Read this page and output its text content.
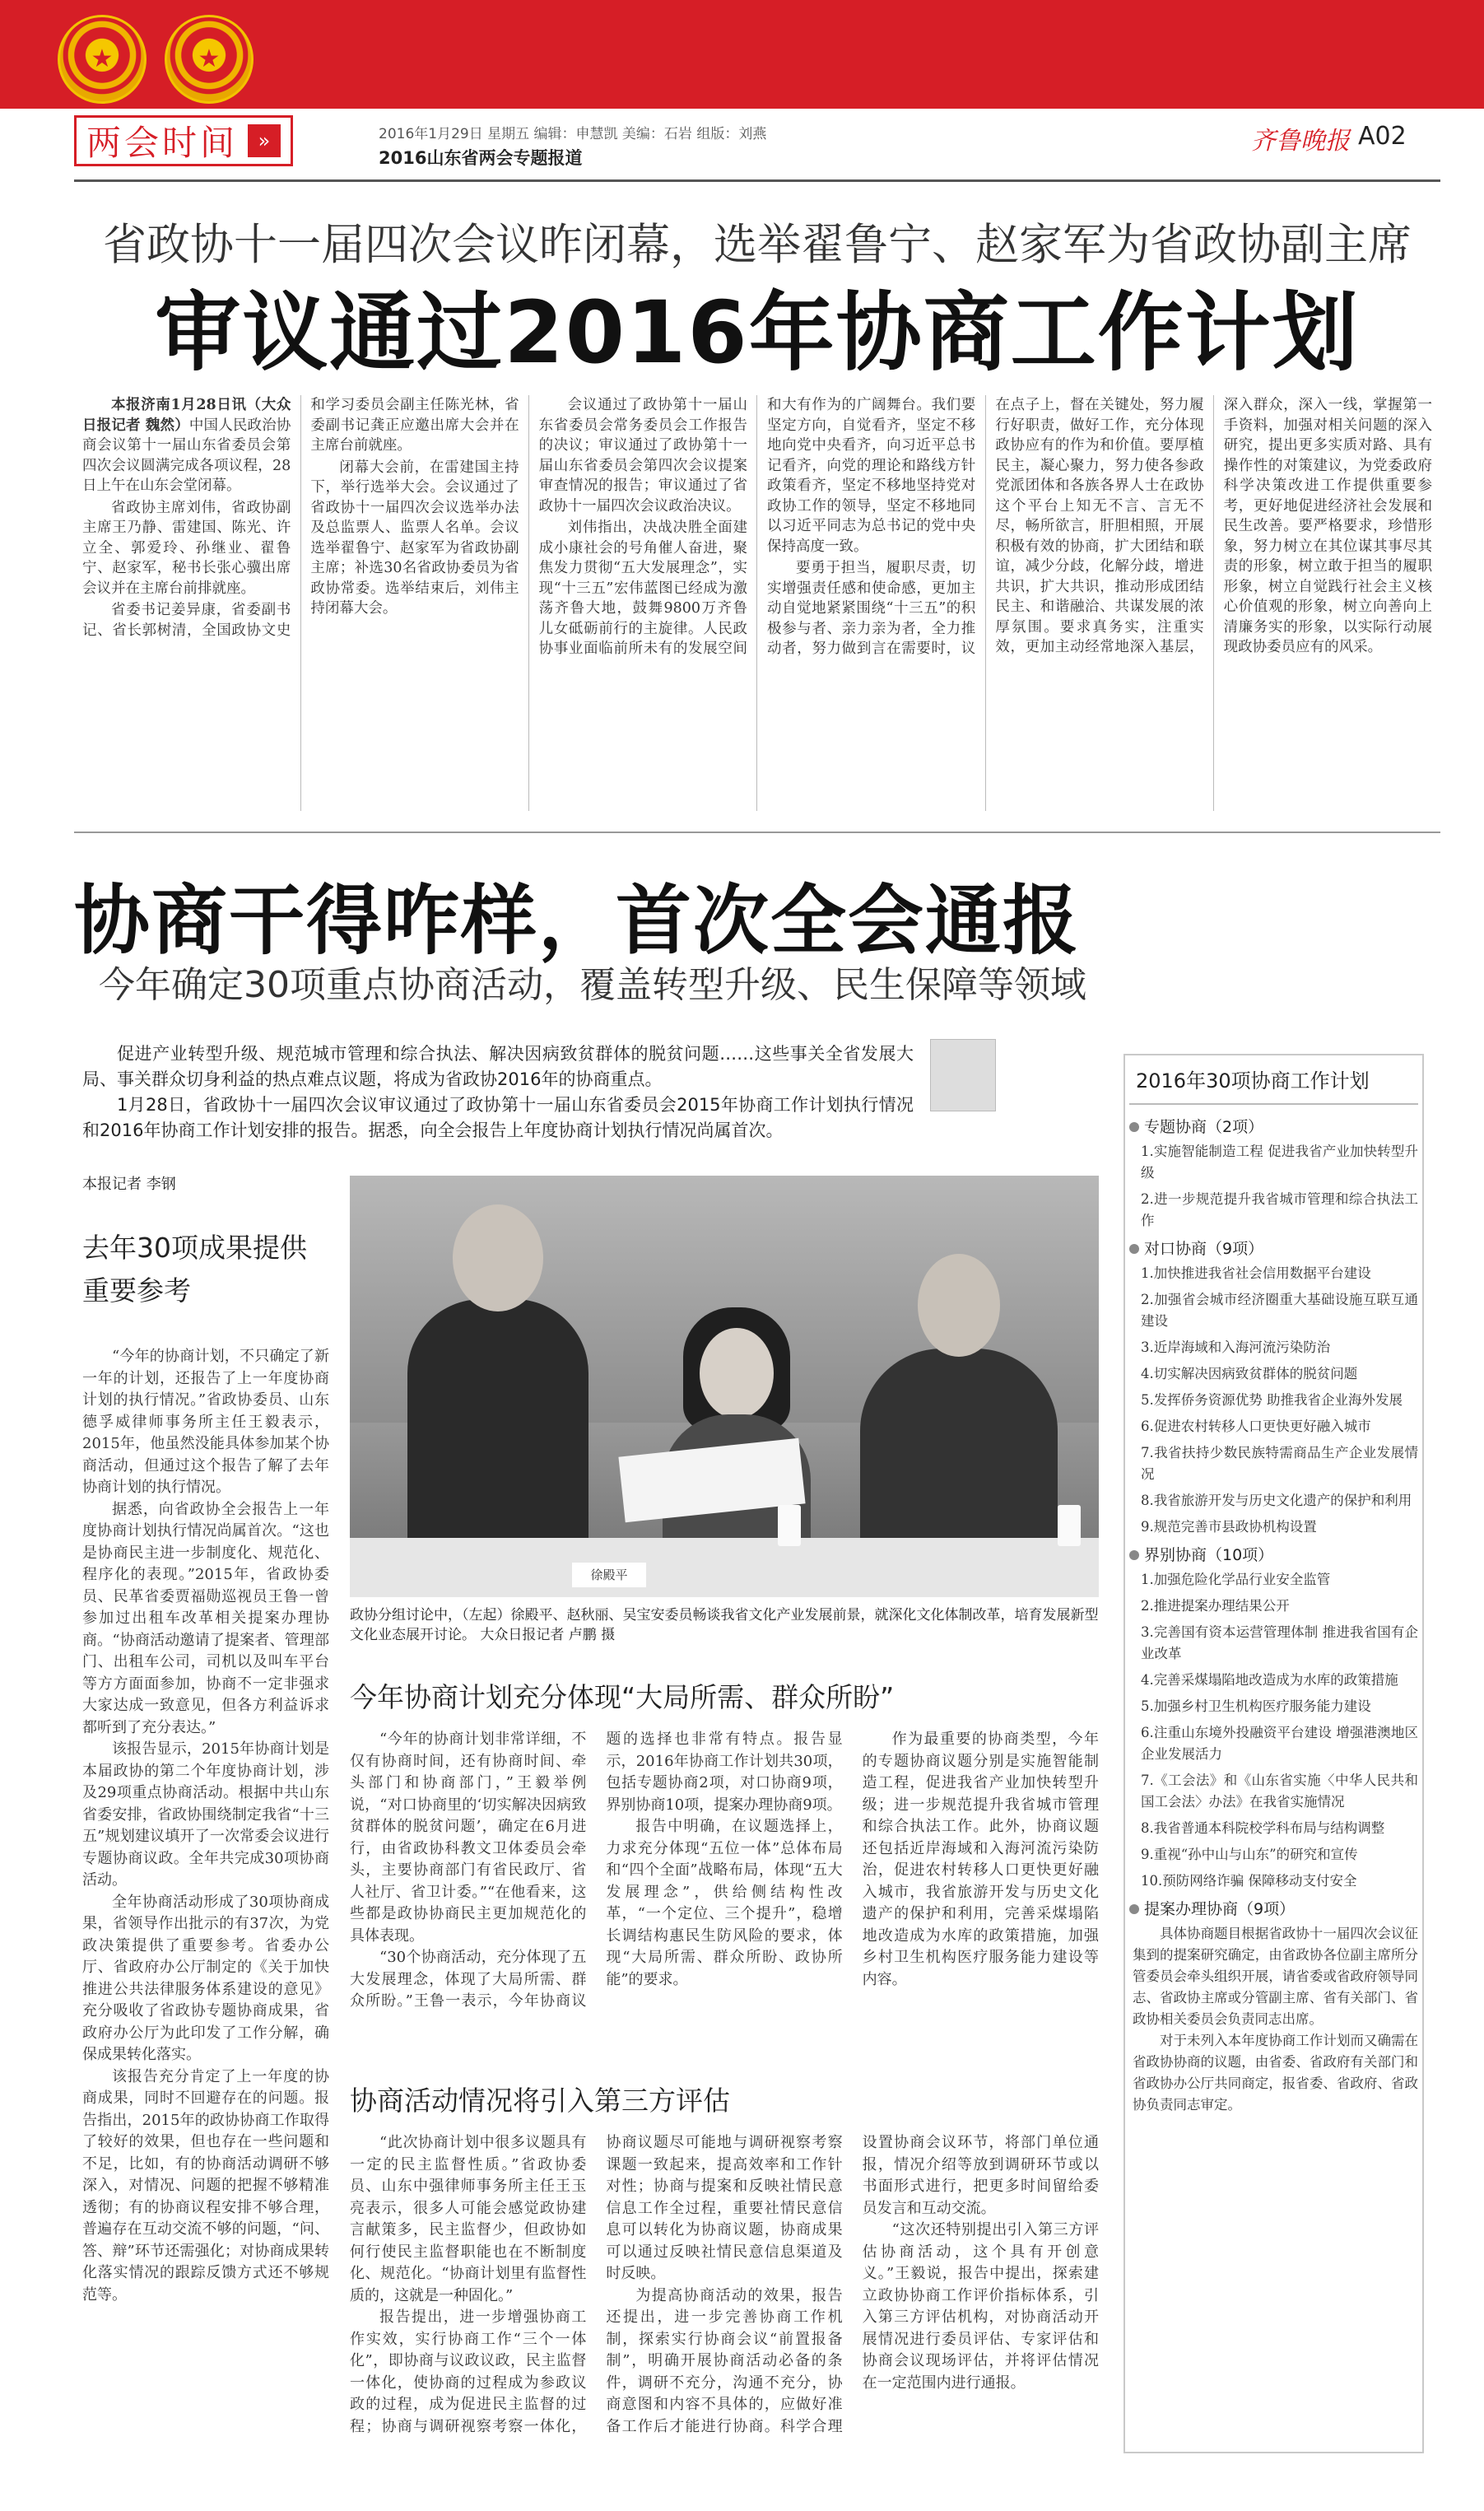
★	★
两会时间	»	2016年1月29日 星期五 编辑：申慧凯 美编：石岩 组版：刘燕
2016山东省两会专题报道
齐鲁晚报 A02
省政协十一届四次会议昨闭幕，选举翟鲁宁、赵家军为省政协副主席
审议通过2016年协商工作计划

本报济南1月28日讯（大众日报记者 魏然）中国人民政治协商会议第十一届山东省委员会第四次会议圆满完成各项议程，28日上午在山东会堂闭幕。

省政协主席刘伟，省政协副主席王乃静、雷建国、陈光、许立全、郭爱玲、孙继业、翟鲁宁、赵家军，秘书长张心骥出席会议并在主席台前排就座。

省委书记姜异康，省委副书记、省长郭树清，全国政协文史和学习委员会副主任陈光林，省委副书记龚正应邀出席大会并在主席台前就座。

闭幕大会前，在雷建国主持下，举行选举大会。会议通过了省政协十一届四次会议选举办法及总监票人、监票人名单。会议选举翟鲁宁、赵家军为省政协副主席；补选30名省政协委员为省政协常委。选举结束后，刘伟主持闭幕大会。

会议通过了政协第十一届山东省委员会常务委员会工作报告的决议；审议通过了政协第十一届山东省委员会第四次会议提案审查情况的报告；审议通过了省政协十一届四次会议政治决议。

刘伟指出，决战决胜全面建成小康社会的号角催人奋进，聚焦发力贯彻“五大发展理念”，实现“十三五”宏伟蓝图已经成为激荡齐鲁大地，鼓舞9800万齐鲁儿女砥砺前行的主旋律。人民政协事业面临前所未有的发展空间和大有作为的广阔舞台。我们要坚定方向，自觉看齐，坚定不移地向党中央看齐，向习近平总书记看齐，向党的理论和路线方针政策看齐，坚定不移地坚持党对政协工作的领导，坚定不移地同以习近平同志为总书记的党中央保持高度一致。

要勇于担当，履职尽责，切实增强责任感和使命感，更加主动自觉地紧紧围绕“十三五”的积极参与者、亲力亲为者，全力推动者，努力做到言在需要时，议在点子上，督在关键处，努力履行好职责，做好工作，充分体现政协应有的作为和价值。要厚植民主，凝心聚力，努力使各参政党派团体和各族各界人士在政协这个平台上知无不言、言无不尽，畅所欲言，肝胆相照，开展积极有效的协商，扩大团结和联谊，减少分歧，化解分歧，增进共识，扩大共识，推动形成团结民主、和谐融洽、共谋发展的浓厚氛围。要求真务实，注重实效，更加主动经常地深入基层，深入群众，深入一线，掌握第一手资料，加强对相关问题的深入研究，提出更多实质对路、具有操作性的对策建议，为党委政府科学决策改进工作提供重要参考，更好地促进经济社会发展和民生改善。要严格要求，珍惜形象，努力树立在其位谋其事尽其责的形象，树立敢于担当的履职形象，树立自觉践行社会主义核心价值观的形象，树立向善向上清廉务实的形象，以实际行动展现政协委员应有的风采。

协商干得咋样，首次全会通报
今年确定30项重点协商活动，覆盖转型升级、民生保障等领域

促进产业转型升级、规范城市管理和综合执法、解决因病致贫群体的脱贫问题……这些事关全省发展大局、事关群众切身利益的热点难点议题，将成为省政协2016年的协商重点。

1月28日，省政协十一届四次会议审议通过了政协第十一届山东省委员会2015年协商工作计划执行情况和2016年协商工作计划安排的报告。据悉，向全会报告上年度协商计划执行情况尚属首次。

本报记者 李钢
去年30项成果提供重要参考

“今年的协商计划，不只确定了新一年的计划，还报告了上一年度协商计划的执行情况。”省政协委员、山东德孚威律师事务所主任王毅表示，2015年，他虽然没能具体参加某个协商活动，但通过这个报告了解了去年协商计划的执行情况。

据悉，向省政协全会报告上一年度协商计划执行情况尚属首次。“这也是协商民主进一步制度化、规范化、程序化的表现。”2015年，省政协委员、民革省委贾福勋巡视员王鲁一曾参加过出租车改革相关提案办理协商。“协商活动邀请了提案者、管理部门、出租车公司，司机以及叫车平台等方方面面参加，协商不一定非强求大家达成一致意见，但各方利益诉求都听到了充分表达。”

该报告显示，2015年协商计划是本届政协的第二个年度协商计划，涉及29项重点协商活动。根据中共山东省委安排，省政协围绕制定我省“十三五”规划建议填开了一次常委会议进行专题协商议政。全年共完成30项协商活动。

全年协商活动形成了30项协商成果，省领导作出批示的有37次，为党政决策提供了重要参考。省委办公厅、省政府办公厅制定的《关于加快推进公共法律服务体系建设的意见》充分吸收了省政协专题协商成果，省政府办公厅为此印发了工作分解，确保成果转化落实。

该报告充分肯定了上一年度的协商成果，同时不回避存在的问题。报告指出，2015年的政协协商工作取得了较好的效果，但也存在一些问题和不足，比如，有的协商活动调研不够深入，对情况、问题的把握不够精准透彻；有的协商议程安排不够合理，普遍存在互动交流不够的问题，“问、答、辩”环节还需强化；对协商成果转化落实情况的跟踪反馈方式还不够规范等。

徐殿平
政协分组讨论中，（左起）徐殿平、赵秋丽、吴宝安委员畅谈我省文化产业发展前景，就深化文化体制改革，培育发展新型文化业态展开讨论。 大众日报记者 卢鹏 摄
今年协商计划充分体现“大局所需、群众所盼”

“今年的协商计划非常详细，不仅有协商时间，还有协商时间、牵头部门和协商部门，”王毅举例说，“对口协商里的‘切实解决因病致贫群体的脱贫问题’，确定在6月进行，由省政协科教文卫体委员会牵头，主要协商部门有省民政厅、省人社厅、省卫计委。”“在他看来，这些都是政协协商民主更加规范化的具体表现。

“30个协商活动，充分体现了五大发展理念，体现了大局所需、群众所盼。”王鲁一表示，今年协商议题的选择也非常有特点。报告显示，2016年协商工作计划共30项，包括专题协商2项，对口协商9项，界别协商10项，提案办理协商9项。

报告中明确，在议题选择上，力求充分体现“五位一体”总体布局和“四个全面”战略布局，体现“五大发展理念”，供给侧结构性改革，“一个定位、三个提升”，稳增长调结构惠民生防风险的要求，体现“大局所需、群众所盼、政协所能”的要求。

作为最重要的协商类型，今年的专题协商议题分别是实施智能制造工程，促进我省产业加快转型升级；进一步规范提升我省城市管理和综合执法工作。此外，协商议题还包括近岸海域和入海河流污染防治，促进农村转移人口更快更好融入城市，我省旅游开发与历史文化遗产的保护和利用，完善采煤塌陷地改造成为水库的政策措施，加强乡村卫生机构医疗服务能力建设等内容。

协商活动情况将引入第三方评估

“此次协商计划中很多议题具有一定的民主监督性质。”省政协委员、山东中强律师事务所主任王玉亮表示，很多人可能会感觉政协建言献策多，民主监督少，但政协如何行使民主监督职能也在不断制度化、规范化。“协商计划里有监督性质的，这就是一种固化。”

报告提出，进一步增强协商工作实效，实行协商工作“三个一体化”，即协商与议政议政，民主监督一体化，使协商的过程成为参政议政的过程，成为促进民主监督的过程；协商与调研视察考察一体化，协商议题尽可能地与调研视察考察课题一致起来，提高效率和工作针对性；协商与提案和反映社情民意信息工作全过程，重要社情民意信息可以转化为协商议题，协商成果可以通过反映社情民意信息渠道及时反映。

为提高协商活动的效果，报告还提出，进一步完善协商工作机制，探索实行协商会议“前置报备制”，明确开展协商活动必备的条件，调研不充分，沟通不充分，协商意图和内容不具体的，应做好准备工作后才能进行协商。科学合理设置协商会议环节，将部门单位通报，情况介绍等放到调研环节或以书面形式进行，把更多时间留给委员发言和互动交流。

“这次还特别提出引入第三方评估协商活动，这个具有开创意义。”王毅说，报告中提出，探索建立政协协商工作评价指标体系，引入第三方评估机构，对协商活动开展情况进行委员评估、专家评估和协商会议现场评估，并将评估情况在一定范围内进行通报。

2016年30项协商工作计划
专题协商（2项）
1.实施智能制造工程 促进我省产业加快转型升级
2.进一步规范提升我省城市管理和综合执法工作
对口协商（9项）
1.加快推进我省社会信用数据平台建设
2.加强省会城市经济圈重大基础设施互联互通建设
3.近岸海域和入海河流污染防治
4.切实解决因病致贫群体的脱贫问题
5.发挥侨务资源优势 助推我省企业海外发展
6.促进农村转移人口更快更好融入城市
7.我省扶持少数民族特需商品生产企业发展情况
8.我省旅游开发与历史文化遗产的保护和利用
9.规范完善市县政协机构设置
界别协商（10项）
1.加强危险化学品行业安全监管
2.推进提案办理结果公开
3.完善国有资本运营管理体制 推进我省国有企业改革
4.完善采煤塌陷地改造成为水库的政策措施
5.加强乡村卫生机构医疗服务能力建设
6.注重山东境外投融资平台建设 增强港澳地区企业发展活力
7.《工会法》和《山东省实施〈中华人民共和国工会法〉办法》在我省实施情况
8.我省普通本科院校学科布局与结构调整
9.重视“孙中山与山东”的研究和宣传
10.预防网络诈骗 保障移动支付安全
提案办理协商（9项）
具体协商题目根据省政协十一届四次会议征集到的提案研究确定，由省政协各位副主席所分管委员会牵头组织开展，请省委或省政府领导同志、省政协主席或分管副主席、省有关部门、省政协相关委员会负责同志出席。
对于未列入本年度协商工作计划而又确需在省政协协商的议题，由省委、省政府有关部门和省政协办公厅共同商定，报省委、省政府、省政协负责同志审定。
